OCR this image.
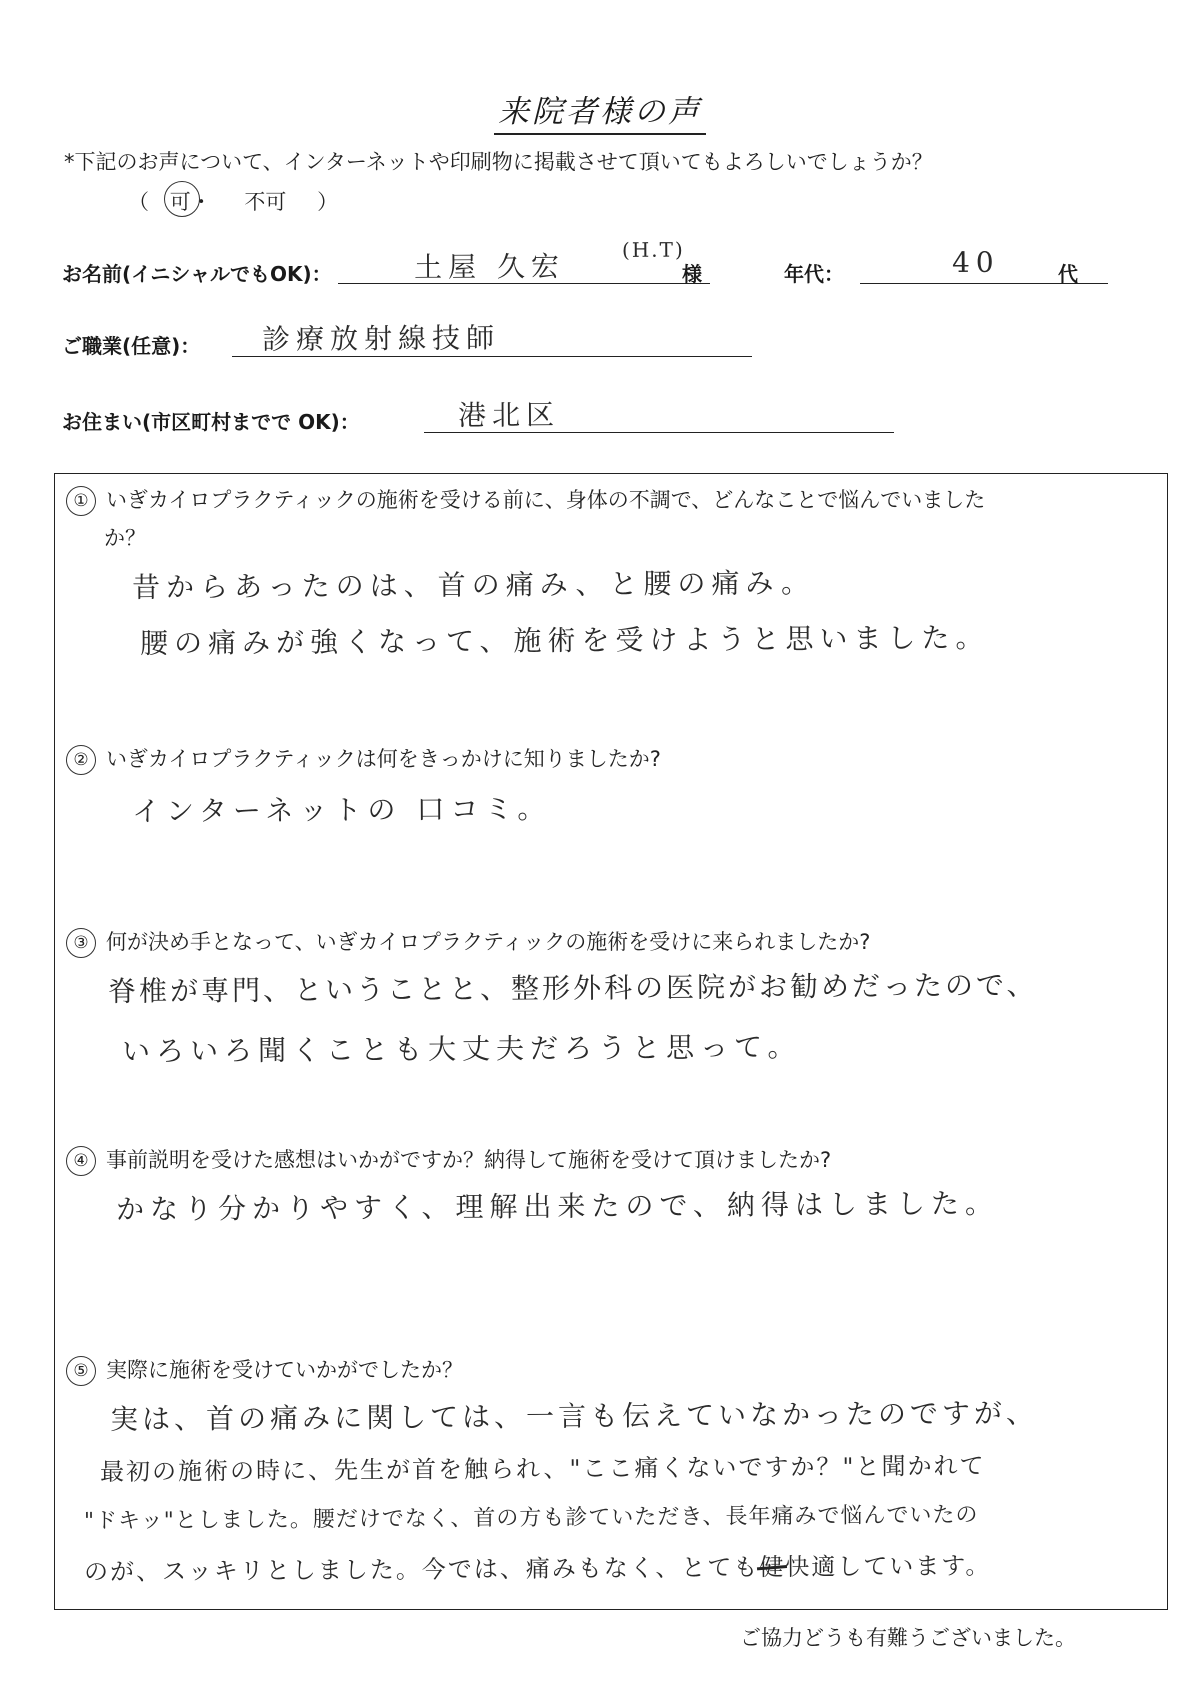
来院者様の声
*下記のお声について、インターネットや印刷物に掲載させて頂いてもよろしいでしょうか？
（ 可・ 不可 ）
お名前(イニシャルでもOK)：	土屋 久宏
(H.T)
様	年代：	40	代
ご職業(任意)： 診療放射線技師
お住まい(市区町村までで OK)：	港北区
① いぎカイロプラクティックの施術を受ける前に、身体の不調で、どんなことで悩んでいました
か？
昔からあったのは、首の痛み、と腰の痛み。
腰の痛みが強くなって、施術を受けようと思いました。
② いぎカイロプラクティックは何をきっかけに知りましたか?
インターネットの 口コミ。
③ 何が決め手となって、いぎカイロプラクティックの施術を受けに来られましたか?
脊椎が専門、ということと、整形外科の医院がお勧めだったので、
いろいろ聞くことも大丈夫だろうと思って。
④ 事前説明を受けた感想はいかがですか？納得して施術を受けて頂けましたか?
かなり分かりやすく、理解出来たので、納得はしました。
⑤ 実際に施術を受けていかがでしたか？
実は、首の痛みに関しては、一言も伝えていなかったのですが、
最初の施術の時に、先生が首を触られ、"ここ痛くないですか？"と聞かれて
"ドキッ"としました。腰だけでなく、首の方も診ていただき、長年痛みで悩んでいたの
のが、スッキリとしました。今では、痛みもなく、とても健快適しています。
ご協力どうも有難うございました。
